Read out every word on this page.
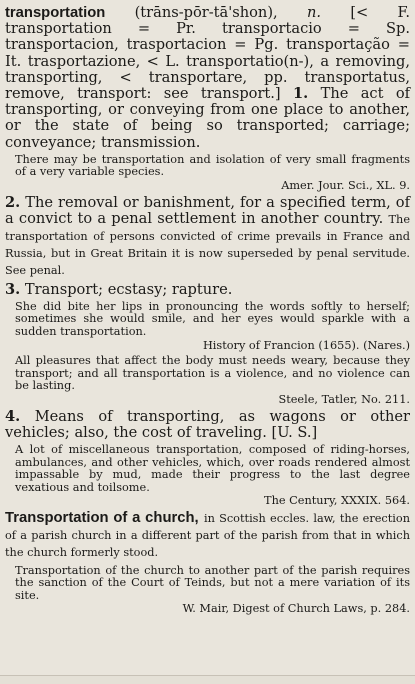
transportation (trāns-pōr-tā'shon), n. [< F. transportation = Pr. transportacio = Sp. transportacion, trasportacion = Pg. transportação = It. trasportazione, < L. transportatio(n-), a removing, transporting, < transportare, pp. transportatus, remove, transport: see transport.] 1. The act of transporting, or conveying from one place to another, or the state of being so transported; carriage; conveyance; transmission.

There may be transportation and isolation of very small fragments of a very variable species.

Amer. Jour. Sci., XL. 9.

2. The removal or banishment, for a specified term, of a convict to a penal settlement in another country. The transportation of persons convicted of crime prevails in France and Russia, but in Great Britain it is now superseded by penal servitude. See penal.

3. Transport; ecstasy; rapture.

She did bite her lips in pronouncing the words softly to herself; sometimes she would smile, and her eyes would sparkle with a sudden transportation.

History of Francion (1655). (Nares.)

All pleasures that affect the body must needs weary, because they transport; and all transportation is a violence, and no violence can be lasting.

Steele, Tatler, No. 211.

4. Means of transporting, as wagons or other vehicles; also, the cost of traveling. [U. S.]

A lot of miscellaneous transportation, composed of riding-horses, ambulances, and other vehicles, which, over roads rendered almost impassable by mud, made their progress to the last degree vexatious and toilsome.

The Century, XXXIX. 564.

Transportation of a church, in Scottish eccles. law, the erection of a parish church in a different part of the parish from that in which the church formerly stood.

Transportation of the church to another part of the parish requires the sanction of the Court of Teinds, but not a mere variation of its site.

W. Mair, Digest of Church Laws, p. 284.
